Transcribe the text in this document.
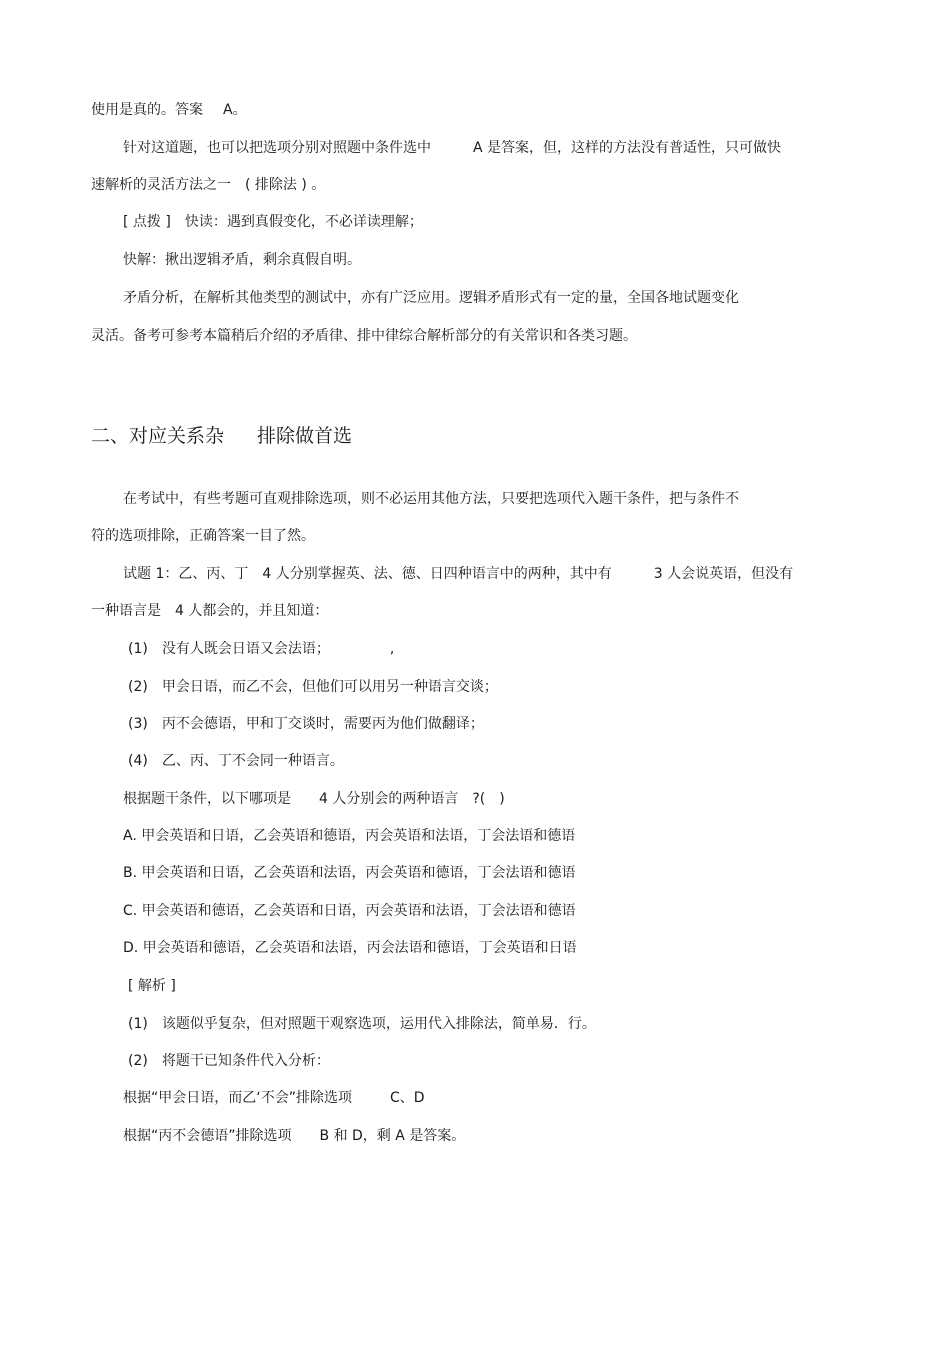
使用是真的。答案 A。
针对这道题，也可以把选项分别对照题中条件选中	A 是答案，但，这样的方法没有普适性，只可做快
速解析的灵活方法之一　( 排除法 ) 。
[ 点拨 ] 快读：遇到真假变化，不必详读理解；
快解：揪出逻辑矛盾，剩余真假自明。
矛盾分析，在解析其他类型的测试中，亦有广泛应用。逻辑矛盾形式有一定的量，全国各地试题变化
灵活。备考可参考本篇稍后介绍的矛盾律、排中律综合解析部分的有关常识和各类习题。
二、对应关系杂 排除做首选
在考试中，有些考题可直观排除选项，则不必运用其他方法，只要把选项代入题干条件，把与条件不
符的选项排除，正确答案一目了然。
试题 1：乙、丙、丁　4 人分别掌握英、法、德、日四种语言中的两种，其中有	3 人会说英语，但没有
一种语言是　4 人都会的，并且知道：
(1)　没有人既会日语又会法语；	,
(2)　甲会日语，而乙不会，但他们可以用另一种语言交谈；
(3)　丙不会德语，甲和丁交谈时，需要丙为他们做翻译；
(4)　乙、丙、丁不会同一种语言。
根据题干条件，以下哪项是　　4 人分别会的两种语言　?(　)
A. 甲会英语和日语，乙会英语和德语，丙会英语和法语，丁会法语和德语
B. 甲会英语和日语，乙会英语和法语，丙会英语和德语，丁会法语和德语
C. 甲会英语和德语，乙会英语和日语，丙会英语和法语，丁会法语和德语
D. 甲会英语和德语，乙会英语和法语，丙会法语和德语，丁会英语和日语
[ 解析 ]
(1)　该题似乎复杂，但对照题干观察选项，运用代入排除法，简单易．行。
(2)　将题干已知条件代入分析：
根据“甲会日语，而乙‘不会”排除选项	C、D
根据“丙不会德语”排除选项 B 和 D，剩 A 是答案。
